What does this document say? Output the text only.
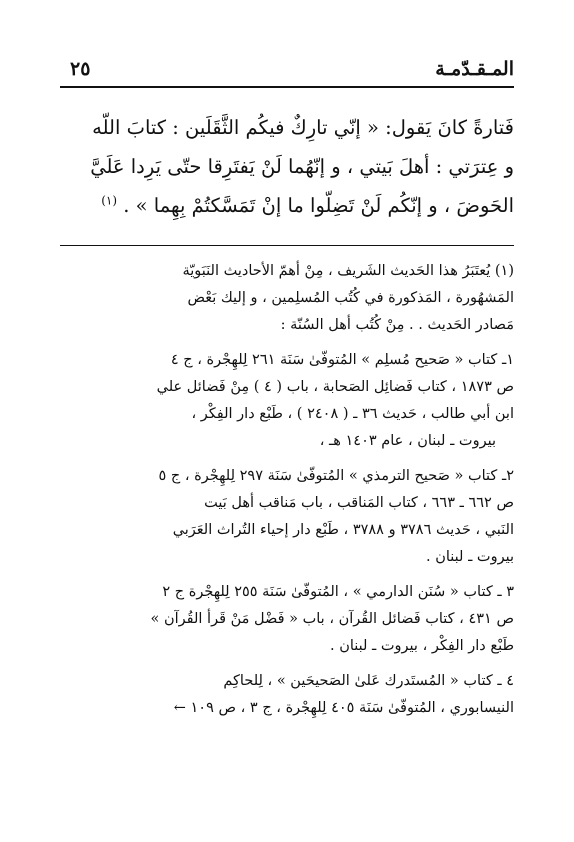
المـقـدّمـة
٢٥
فَتارةً كانَ يَقول: « إنّي تارِكٌ فيكُم الثَّقَلَين : كتابَ اللّه
و عِترَتي : أهلَ بَيتي ، و إنّهُما لَنْ يَفتَرِقا حتّى يَرِدا عَلَيَّ
الحَوضَ ، و إنّكُم لَنْ تَضِلّوا ما إنْ تَمَسَّكتُمْ بِهِما » . $^{(١)}$
(١) يُعتَبَرُ هذا الحَديث الشَريف ، مِنْ أهمّ الأحاديث النَبَويّة
المَشهُورة ، المَذكورة في كُتُب المُسلِمين ، و إليك بَعْض
مَصادر الحَديث . . مِنْ كُتُب أهل السُنّة :
١ـ كتاب « صَحيح مُسلِم » المُتوفّىٰ سَنَة ٢٦١ لِلهِجْرة ، ج ٤
ص ١٨٧٣ ، كتاب فَضائِل الصَحابة ، باب ( ٤ ) مِنْ فَضائل علي
ابن أبي طالب ، حَديث ٣٦ ـ ( ٢٤٠٨ ) ، طَبْع دار الفِكْر ،
بيروت ـ لبنان ، عام ١٤٠٣ هـ ،
٢ـ كتاب « صَحيح الترمذي » المُتوفّىٰ سَنَة ٢٩٧ لِلهِجْرة ، ج ٥
ص ٦٦٢ ـ ٦٦٣ ، كتاب المَناقب ، باب مَناقب أهل بَيت
النَبي ، حَديث ٣٧٨٦ و ٣٧٨٨ ، طَبْع دار إحياء التُراث العَرَبي
بيروت ـ لبنان .
٣ ـ كتاب « سُنَن الدارمي » ، المُتوفّىٰ سَنَة ٢٥٥ لِلهِجْرة ج ٢
ص ٤٣١ ، كتاب فَضائل القُرآن ، باب « فَضْل مَنْ قَرأ القُرآن »
طَبْع دار الفِكْر ، بيروت ـ لبنان .
٤ ـ كتاب « المُستَدرك عَلىٰ الصَحيحَين » ، لِلحاكِم
النيسابوري ، المُتوفّىٰ سَنَة ٤٠٥ لِلهِجْرة ، ج ٣ ، ص ١٠٩ ←
